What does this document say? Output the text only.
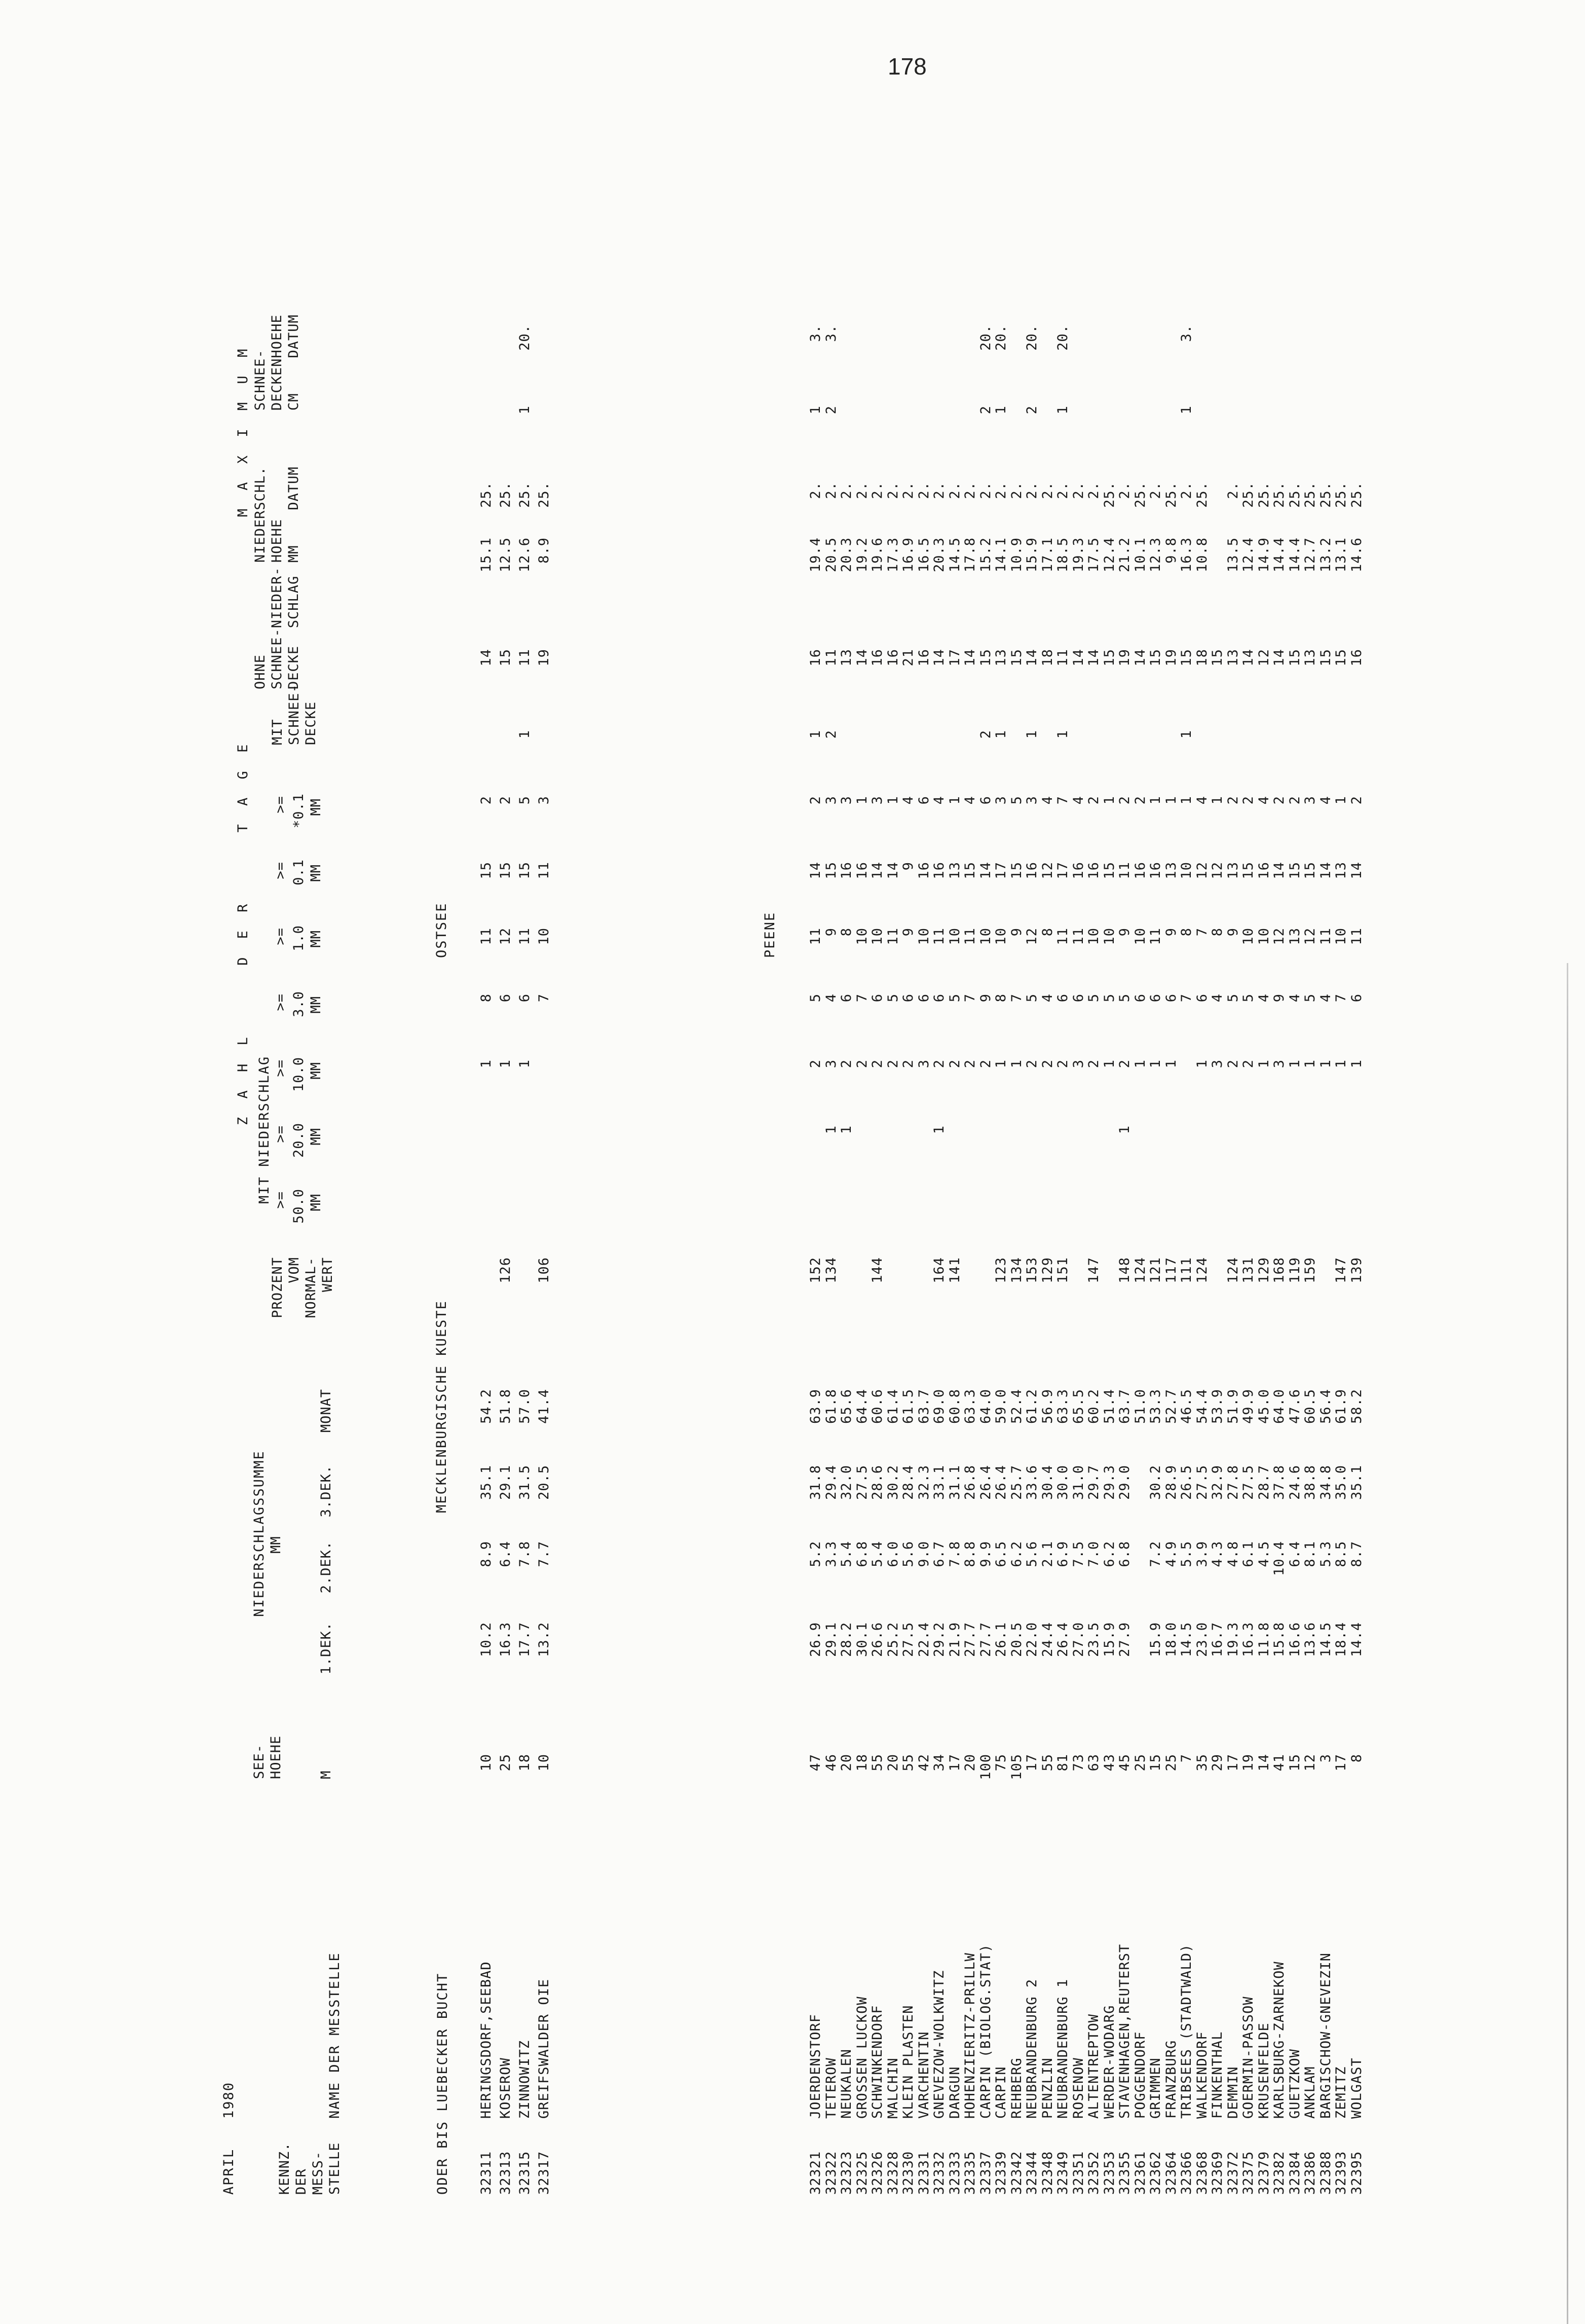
178
APRIL
1980
KENNZ. DER MESS- STELLE
NAME DER MESSTELLE
SEE- HOEHE	M
NIEDERSCHLAGSSUMME MM
1.DEK.
2.DEK.
3.DEK.
MONAT
PROZENT VOM NORMAL- WERT
Z A H L     D E R     T A G E
MIT NIEDERSCHLAG >=
>=
>=
>=
>=
>=
>=
50.0
20.0
10.0
3.0
1.0
0.1
*0.1
MM
MM
MM
MM
MM
MM
MM
MIT SCHNEE- DECKE
OHNE SCHNEE-NIEDER- DECKE  SCHLAG
M A X I M U M NIEDERSCHL. HOEHE MM    DATUM
SCHNEE- DECKENHOEHE CM    DATUM
ODER BIS LUEBECKER BUCHT
MECKLENBURGISCHE KUESTE
OSTSEE	PEENE
32311
HERINGSDORF,SEEBAD
10
10.2
8.9
35.1
54.2
1
8
11
15
2
14
15.1
25.
32313
KOSEROW
25
16.3
6.4
29.1
51.8
126
1
6
12
15
2
15
12.5
25.
32315
ZINNOWITZ
18
17.7
7.8
31.5
57.0
1
6
11
15
5
1
11
12.6
25.
1
20.
32317
GREIFSWALDER OIE
10
13.2
7.7
20.5
41.4
106
7
10
11
3
19
8.9
25.
32321
JOERDENSTORF
47
26.9
5.2
31.8
63.9
152
2
5
11
14
2
1
16
19.4
2.
1
3.
32322
TETEROW
46
29.1
3.3
29.4
61.8
134
1
3
4
9
15
3
2
11
20.5
2.
2
3.
32323
NEUKALEN
20
28.2
5.4
32.0
65.6
1
2
6
8
16
3
13
20.3
2.
32325
GROSSEN LUCKOW
18
30.1
6.8
27.5
64.4
2
7
10
16
1
14
19.2
2.
32326
SCHWINKENDORF
55
26.6
5.4
28.6
60.6
144
2
6
10
14
3
16
19.6
2.
32328
MALCHIN
20
25.2
6.0
30.2
61.4
2
5
11
14
1
16
17.3
2.
32330
KLEIN PLASTEN
55
27.5
5.6
28.4
61.5
2
6
9
9
4
21
16.9
2.
32331
VARCHENTIN
42
22.4
9.0
32.3
63.7
3
6
10
16
6
16
16.5
2.
32332
GNEVEZOW-WOLKWITZ
34
29.2
6.7
33.1
69.0
164
1
2
6
11
16
4
14
20.3
2.
32333
DARGUN
17
21.9
7.8
31.1
60.8
141
2
5
10
13
1
17
14.5
2.
32335
HOHENZIERITZ-PRILLW
20
27.7
8.8
26.8
63.3
2
7
11
15
4
14
17.8
2.
32337
CARPIN (BIOLOG.STAT)
100
27.7
9.9
26.4
64.0
2
9
10
14
6
2
15
15.2
2.
2
20.
32339
CARPIN
75
26.1
6.5
26.4
59.0
123
1
8
10
17
3
1
13
14.1
2.
1
20.
32342
REHBERG
105
20.5
6.2
25.7
52.4
134
1
7
9
15
5
15
10.9
2.
32344
NEUBRANDENBURG 2
17
22.0
5.6
33.6
61.2
153
2
5
12
16
3
1
14
15.9
2.
2
20.
32348
PENZLIN
55
24.4
2.1
30.4
56.9
129
2
4
8
12
4
18
17.1
2.
32349
NEUBRANDENBURG 1
81
26.4
6.9
30.0
63.3
151
2
6
11
17
7
1
11
18.5
2.
1
20.
32351
ROSENOW
73
27.0
7.5
31.0
65.5
3
6
11
16
4
14
19.3
2.
32352
ALTENTREPTOW
63
23.5
7.0
29.7
60.2
147
2
5
10
16
2
14
17.5
2.
32353
WERDER-WODARG
43
15.9
6.2
29.3
51.4
1
5
10
15
1
15
12.4
25.
32355
STAVENHAGEN,REUTERST
45
27.9
6.8
29.0
63.7
148
1
2
5
9
11
2
19
21.2
2.
32361
POGGENDORF
25
51.0
124
1
6
10
16
2
14
10.1
25.
32362
GRIMMEN
15
15.9
7.2
30.2
53.3
121
1
6
11
16
1
15
12.3
2.
32364
FRANZBURG
25
18.0
4.9
28.9
52.7
117
1
6
9
13
1
19
9.8
25.
32366
TRIBSEES (STADTWALD)
7
14.5
5.5
26.5
46.5
111
7
8
10
1
1
15
16.3
2.
1
3.
32368
WALKENDORF
35
23.0
3.9
27.5
54.4
124
1
6
7
12
4
18
10.8
25.
32369
FINKENTHAL
29
16.7
4.3
32.9
53.9
3
4
8
12
1
15
32372
DEMMIN
17
19.3
4.8
27.8
51.9
124
2
5
9
13
2
13
13.5
2.
32375
GOERMIN-PASSOW
19
16.3
6.1
27.5
49.9
131
2
5
10
15
2
14
12.4
25.
32379
KRUSENFELDE
14
11.8
4.5
28.7
45.0
129
1
4
10
16
4
12
14.9
25.
32382
KARLSBURG-ZARNEKOW
41
15.8
10.4
37.8
64.0
168
3
9
12
14
2
14
14.4
25.
32384
GUETZKOW
15
16.6
6.4
24.6
47.6
119
1
4
13
15
2
15
14.4
25.
32386
ANKLAM
12
13.6
8.1
38.8
60.5
159
1
5
12
15
3
13
12.7
25.
32388
BARGISCHOW-GNEVEZIN
3
14.5
5.3
34.8
56.4
1
4
11
14
4
15
13.2
25.
32393
ZEMITZ
17
18.4
8.5
35.0
61.9
147
1
7
10
13
1
15
13.1
25.
32395
WOLGAST
8
14.4
8.7
35.1
58.2
139
1
6
11
14
2
16
14.6
25.
